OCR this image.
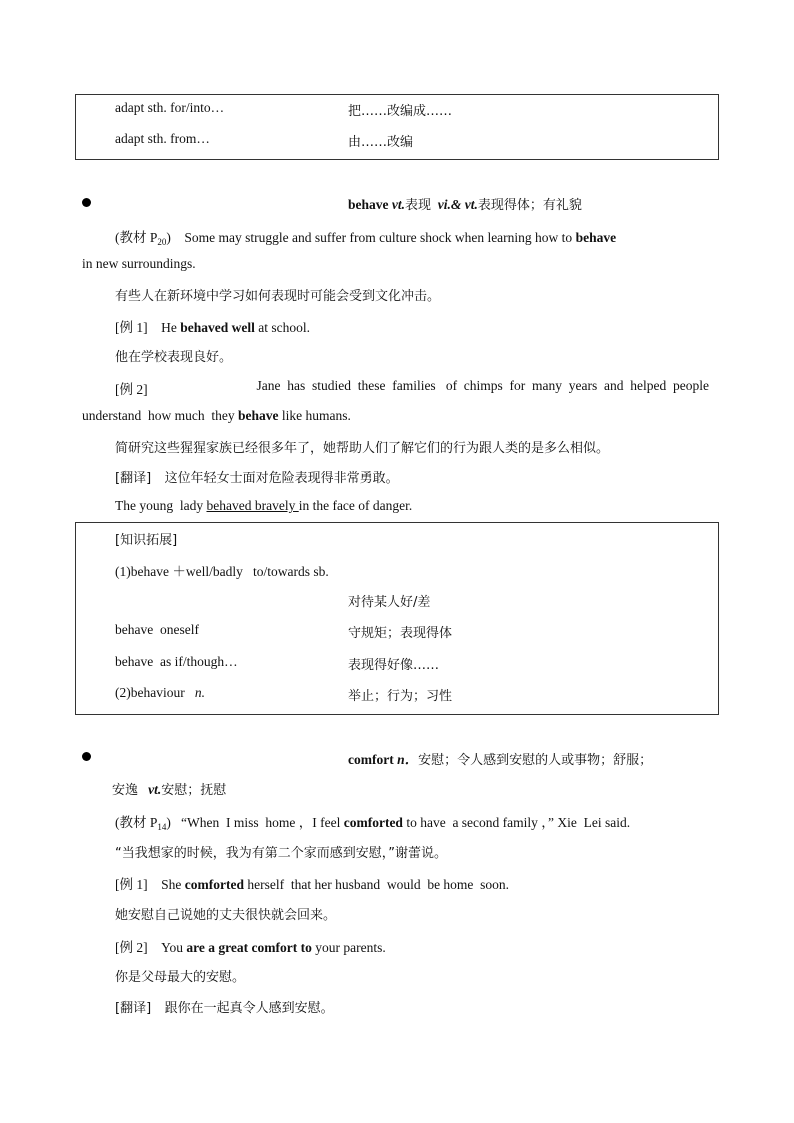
adapt sth. for/into…	把……改编成……
adapt sth. from…	由……改编
behave vt.表现 vi.& vt.表现得体；有礼貌
(教材 $P_{20}$) Some may struggle and suffer from culture shock when learning how to behave
in new surroundings.
有些人在新环境中学习如何表现时可能会受到文化冲击。
[例 1] He behaved well at school.
他在学校表现良好。
[例 2]	Jane  has  studied  these  families   of  chimps  for  many  years  and  helped  people
understand  how much  they behave like humans.
简研究这些猩猩家族已经很多年了，她帮助人们了解它们的行为跟人类的是多么相似。
[翻译] 这位年轻女士面对危险表现得非常勇敢。
The young  lady behaved bravely in the face of danger.
[知识拓展]
(1)behave ＋well/badly   to/towards sb.
对待某人好/差
behave  oneself	守规矩；表现得体
behave  as if/though…	表现得好像……
(2)behaviour   n.	举止；行为；习性
comfort n．安慰；令人感到安慰的人或事物；舒服；
安逸 vt.安慰；抚慰
(教材 $P_{14}$) “When  I miss  home ，I feel comforted to have  a second family ，” Xie  Lei said.
“当我想家的时候，我为有第二个家而感到安慰，”谢蕾说。
[例 1] She comforted herself  that her husband  would  be home  soon.
她安慰自己说她的丈夫很快就会回来。
[例 2] You are a great comfort to your parents.
你是父母最大的安慰。
[翻译] 跟你在一起真令人感到安慰。
